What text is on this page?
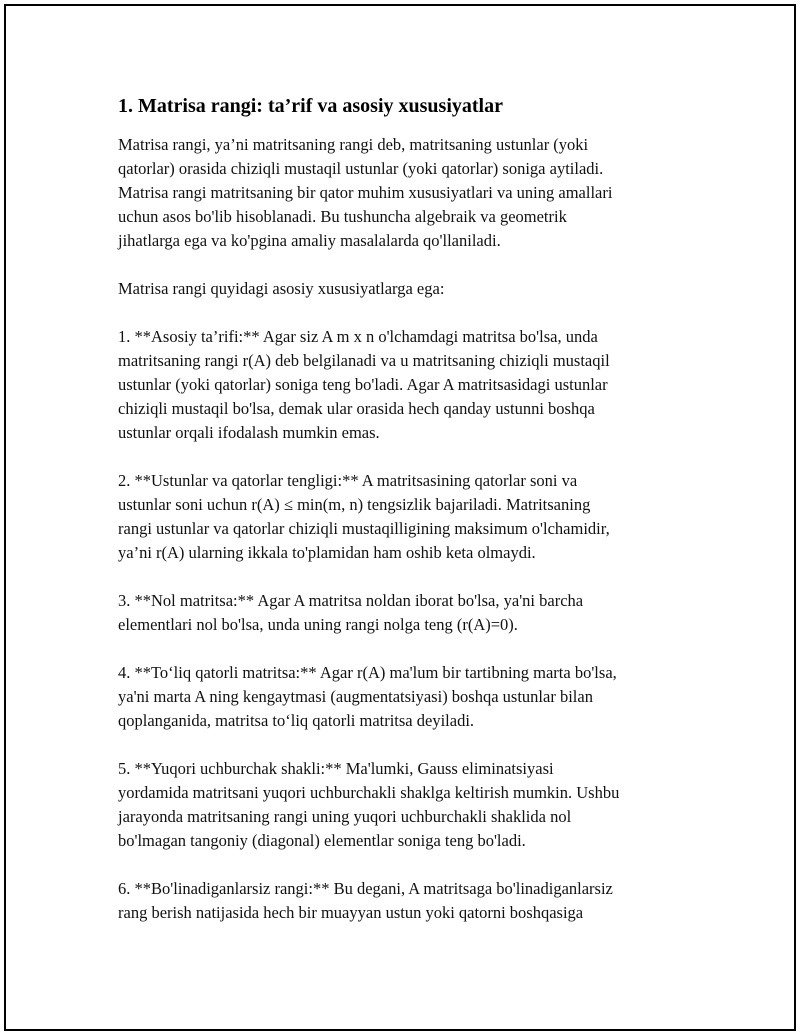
1. Matrisa rangi: ta’rif va asosiy xususiyatlar

Matrisa rangi, ya’ni matritsaning rangi deb, matritsaning ustunlar (yoki
qatorlar) orasida chiziqli mustaqil ustunlar (yoki qatorlar) soniga aytiladi.
Matrisa rangi matritsaning bir qator muhim xususiyatlari va uning amallari
uchun asos bo'lib hisoblanadi. Bu tushuncha algebraik va geometrik
jihatlarga ega va ko'pgina amaliy masalalarda qo'llaniladi.

Matrisa rangi quyidagi asosiy xususiyatlarga ega:

1. **Asosiy ta’rifi:** Agar siz A m x n o'lchamdagi matritsa bo'lsa, unda
matritsaning rangi r(A) deb belgilanadi va u matritsaning chiziqli mustaqil
ustunlar (yoki qatorlar) soniga teng bo'ladi. Agar A matritsasidagi ustunlar
chiziqli mustaqil bo'lsa, demak ular orasida hech qanday ustunni boshqa
ustunlar orqali ifodalash mumkin emas.

2. **Ustunlar va qatorlar tengligi:** A matritsasining qatorlar soni va
ustunlar soni uchun r(A) ≤ min(m, n) tengsizlik bajariladi. Matritsaning
rangi ustunlar va qatorlar chiziqli mustaqilligining maksimum o'lchamidir,
ya’ni r(A) ularning ikkala to'plamidan ham oshib keta olmaydi.

3. **Nol matritsa:** Agar A matritsa noldan iborat bo'lsa, ya'ni barcha
elementlari nol bo'lsa, unda uning rangi nolga teng (r(A)=0).

4. **To‘liq qatorli matritsa:** Agar r(A) ma'lum bir tartibning marta bo'lsa,
ya'ni marta A ning kengaytmasi (augmentatsiyasi) boshqa ustunlar bilan
qoplanganida, matritsa to‘liq qatorli matritsa deyiladi.

5. **Yuqori uchburchak shakli:** Ma'lumki, Gauss eliminatsiyasi
yordamida matritsani yuqori uchburchakli shaklga keltirish mumkin. Ushbu
jarayonda matritsaning rangi uning yuqori uchburchakli shaklida nol
bo'lmagan tangoniy (diagonal) elementlar soniga teng bo'ladi.

6. **Bo'linadiganlarsiz rangi:** Bu degani, A matritsaga bo'linadiganlarsiz
rang berish natijasida hech bir muayyan ustun yoki qatorni boshqasiga
